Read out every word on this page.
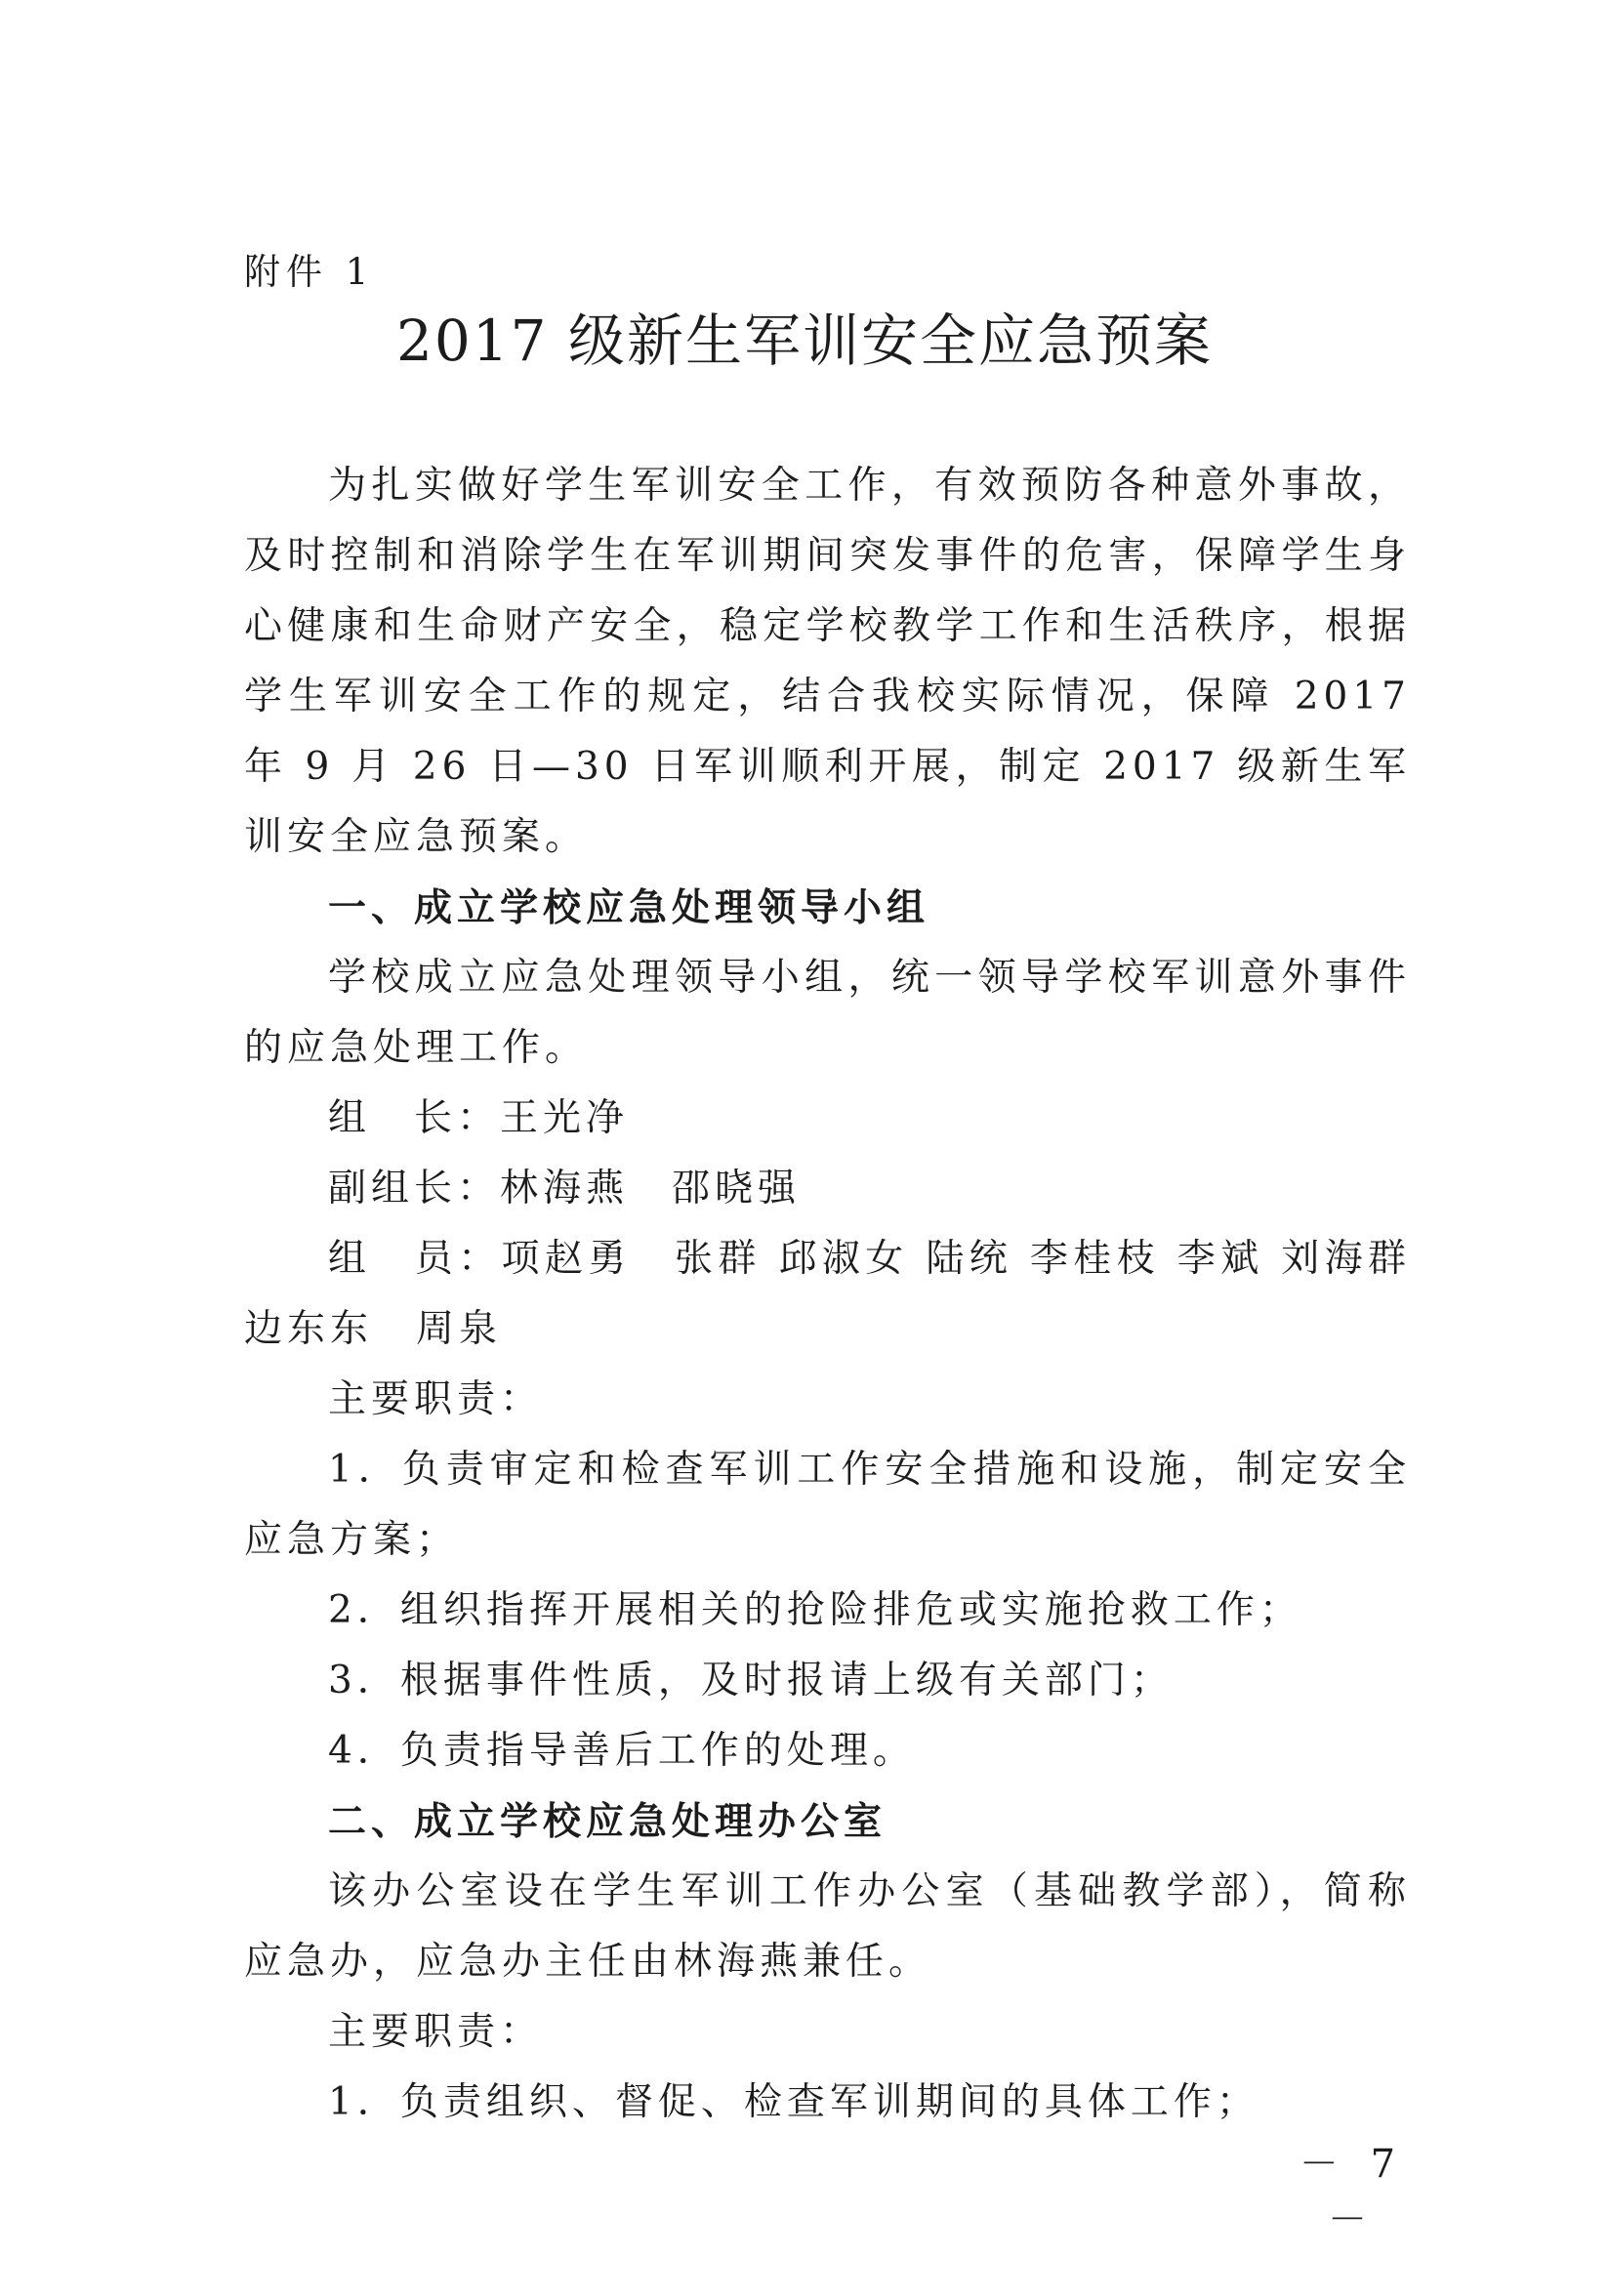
附件 1
2017 级新生军训安全应急预案

为扎实做好学生军训安全工作，有效预防各种意外事故，及时控制和消除学生在军训期间突发事件的危害，保障学生身心健康和生命财产安全，稳定学校教学工作和生活秩序，根据学生军训安全工作的规定，结合我校实际情况，保障 2017 年 9 月 26 日—30 日军训顺利开展，制定 2017 级新生军训安全应急预案。

一、成立学校应急处理领导小组

学校成立应急处理领导小组，统一领导学校军训意外事件的应急处理工作。

组　长：王光净

副组长：林海燕　邵晓强

组　员：项赵勇　张群 邱淑女 陆统 李桂枝 李斌 刘海群 边东东　周泉

主要职责：

1．负责审定和检查军训工作安全措施和设施，制定安全应急方案；

2．组织指挥开展相关的抢险排危或实施抢救工作；

3．根据事件性质，及时报请上级有关部门；

4．负责指导善后工作的处理。

二、成立学校应急处理办公室

该办公室设在学生军训工作办公室（基础教学部），简称应急办，应急办主任由林海燕兼任。

主要职责：

1．负责组织、督促、检查军训期间的具体工作；

－ 7 －
